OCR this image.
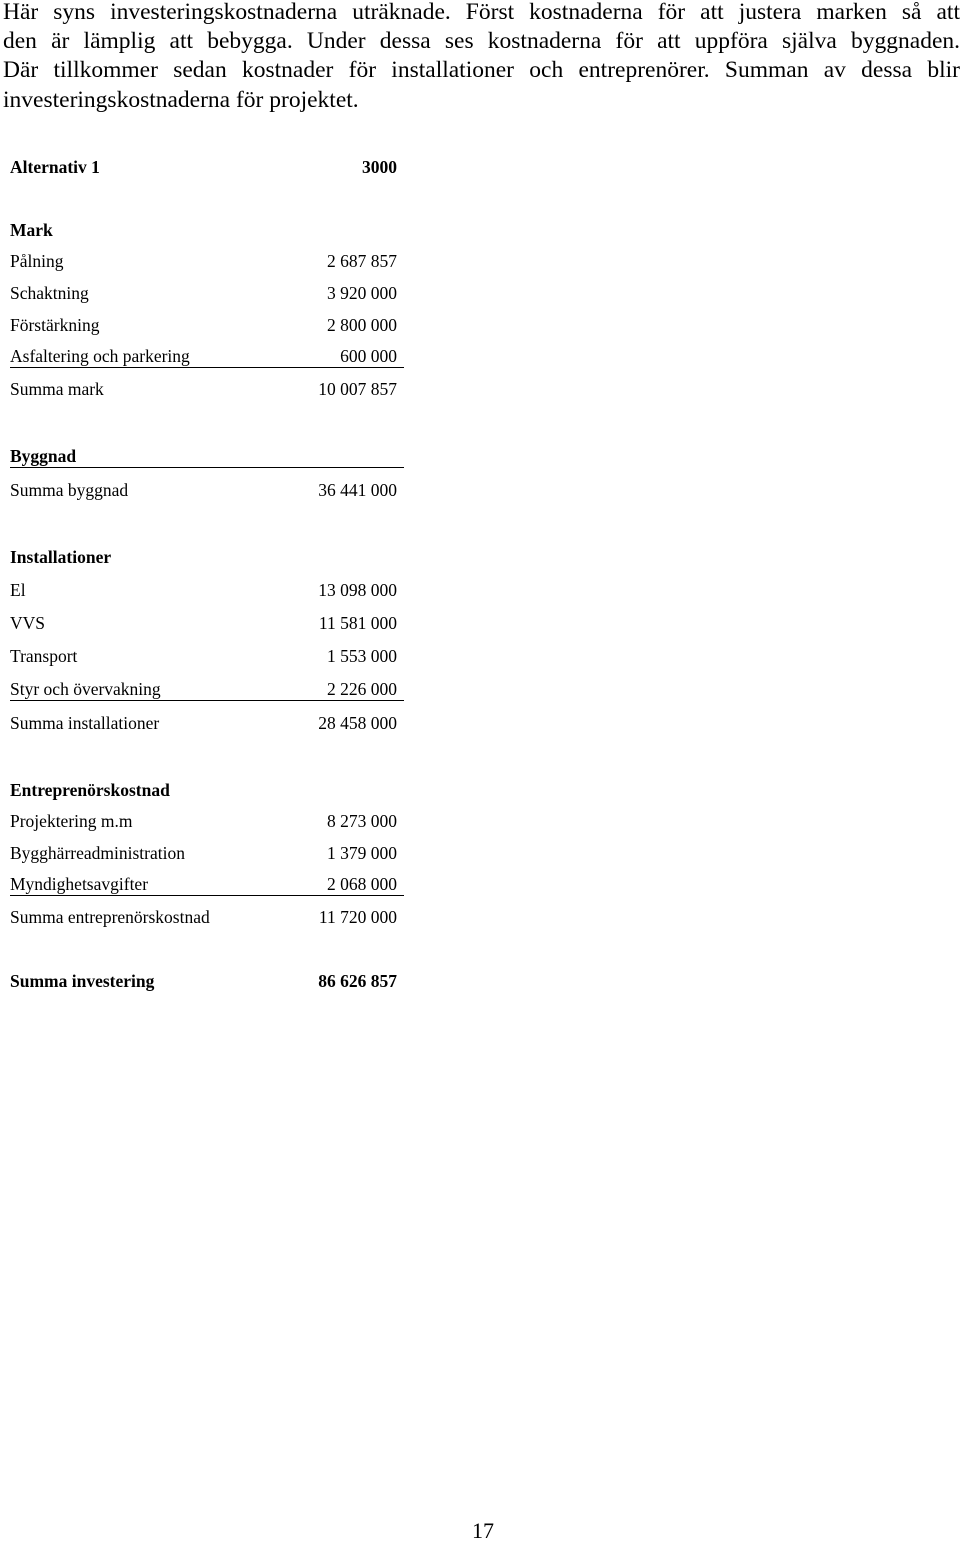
Här syns investeringskostnaderna uträknade. Först kostnaderna för att justera marken så att
den är lämplig att bebygga. Under dessa ses kostnaderna för att uppföra själva byggnaden.
Där tillkommer sedan kostnader för installationer och entreprenörer. Summan av dessa blir
investeringskostnaderna för projektet.
Alternativ 1	3000
Mark
Pålning	2 687 857
Schaktning	3 920 000
Förstärkning	2 800 000
Asfaltering och parkering	600 000
Summa mark	10 007 857
Byggnad
Summa byggnad	36 441 000
Installationer
El	13 098 000
VVS	11 581 000
Transport	1 553 000
Styr och övervakning	2 226 000
Summa installationer	28 458 000
Entreprenörskostnad
Projektering m.m	8 273 000
Bygghärreadministration	1 379 000
Myndighetsavgifter	2 068 000
Summa entreprenörskostnad	11 720 000
Summa investering	86 626 857
17
